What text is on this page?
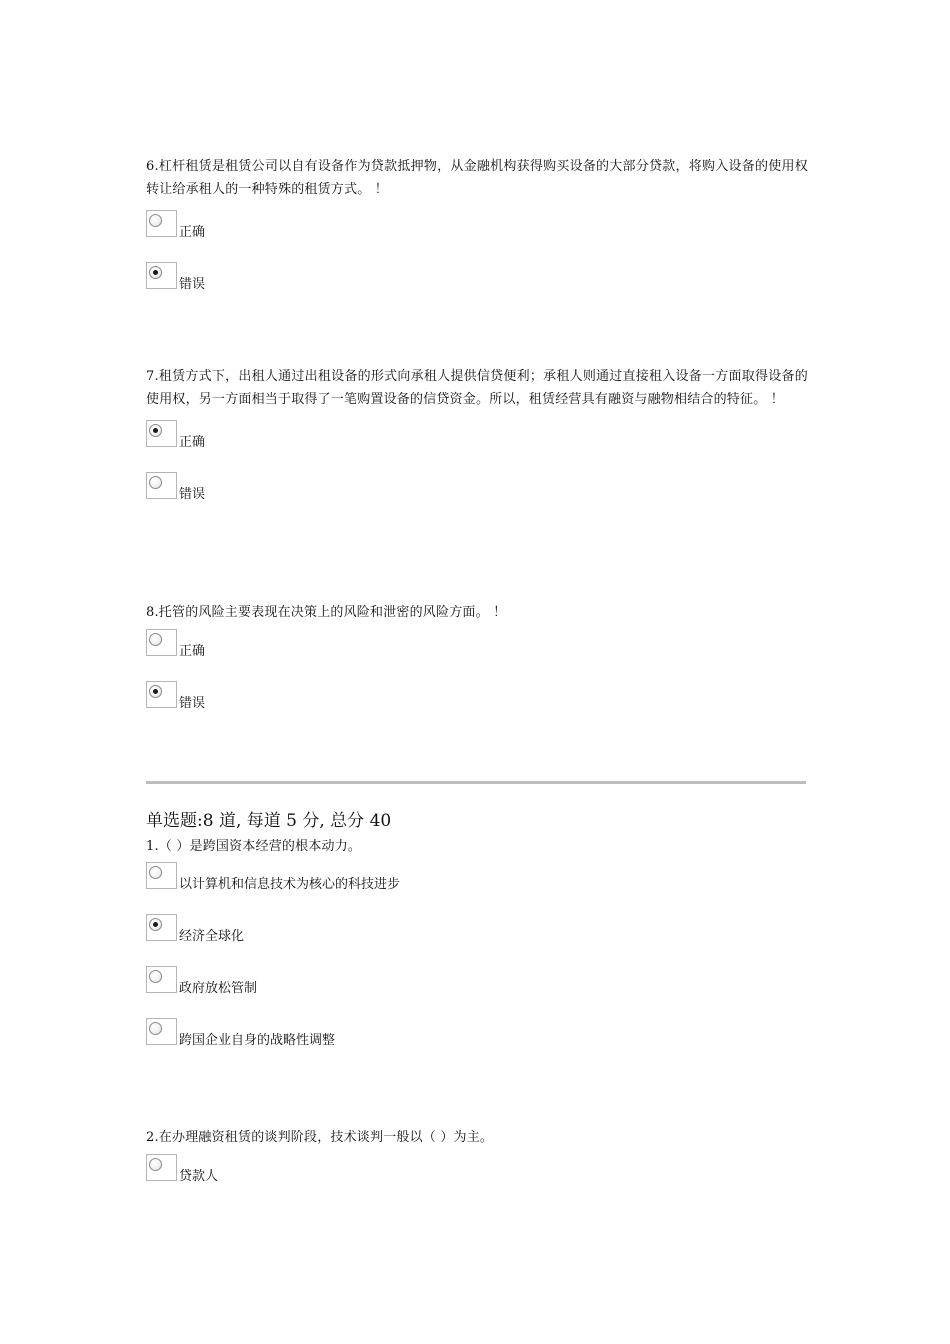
6.杠杆租赁是租赁公司以自有设备作为贷款抵押物，从金融机构获得购买设备的大部分贷款，将购入设备的使用权转让给承租人的一种特殊的租赁方式。 ！

正确
错误

7.租赁方式下，出租人通过出租设备的形式向承租人提供信贷便利；承租人则通过直接租入设备一方面取得设备的使用权，另一方面相当于取得了一笔购置设备的信贷资金。所以，租赁经营具有融资与融物相结合的特征。 ！

正确
错误

8.托管的风险主要表现在决策上的风险和泄密的风险方面。 ！

正确
错误
单选题:8 道, 每道 5 分, 总分 40

1.（ ）是跨国资本经营的根本动力。

以计算机和信息技术为核心的科技进步
经济全球化
政府放松管制
跨国企业自身的战略性调整

2.在办理融资租赁的谈判阶段，技术谈判一般以（ ）为主。

贷款人
